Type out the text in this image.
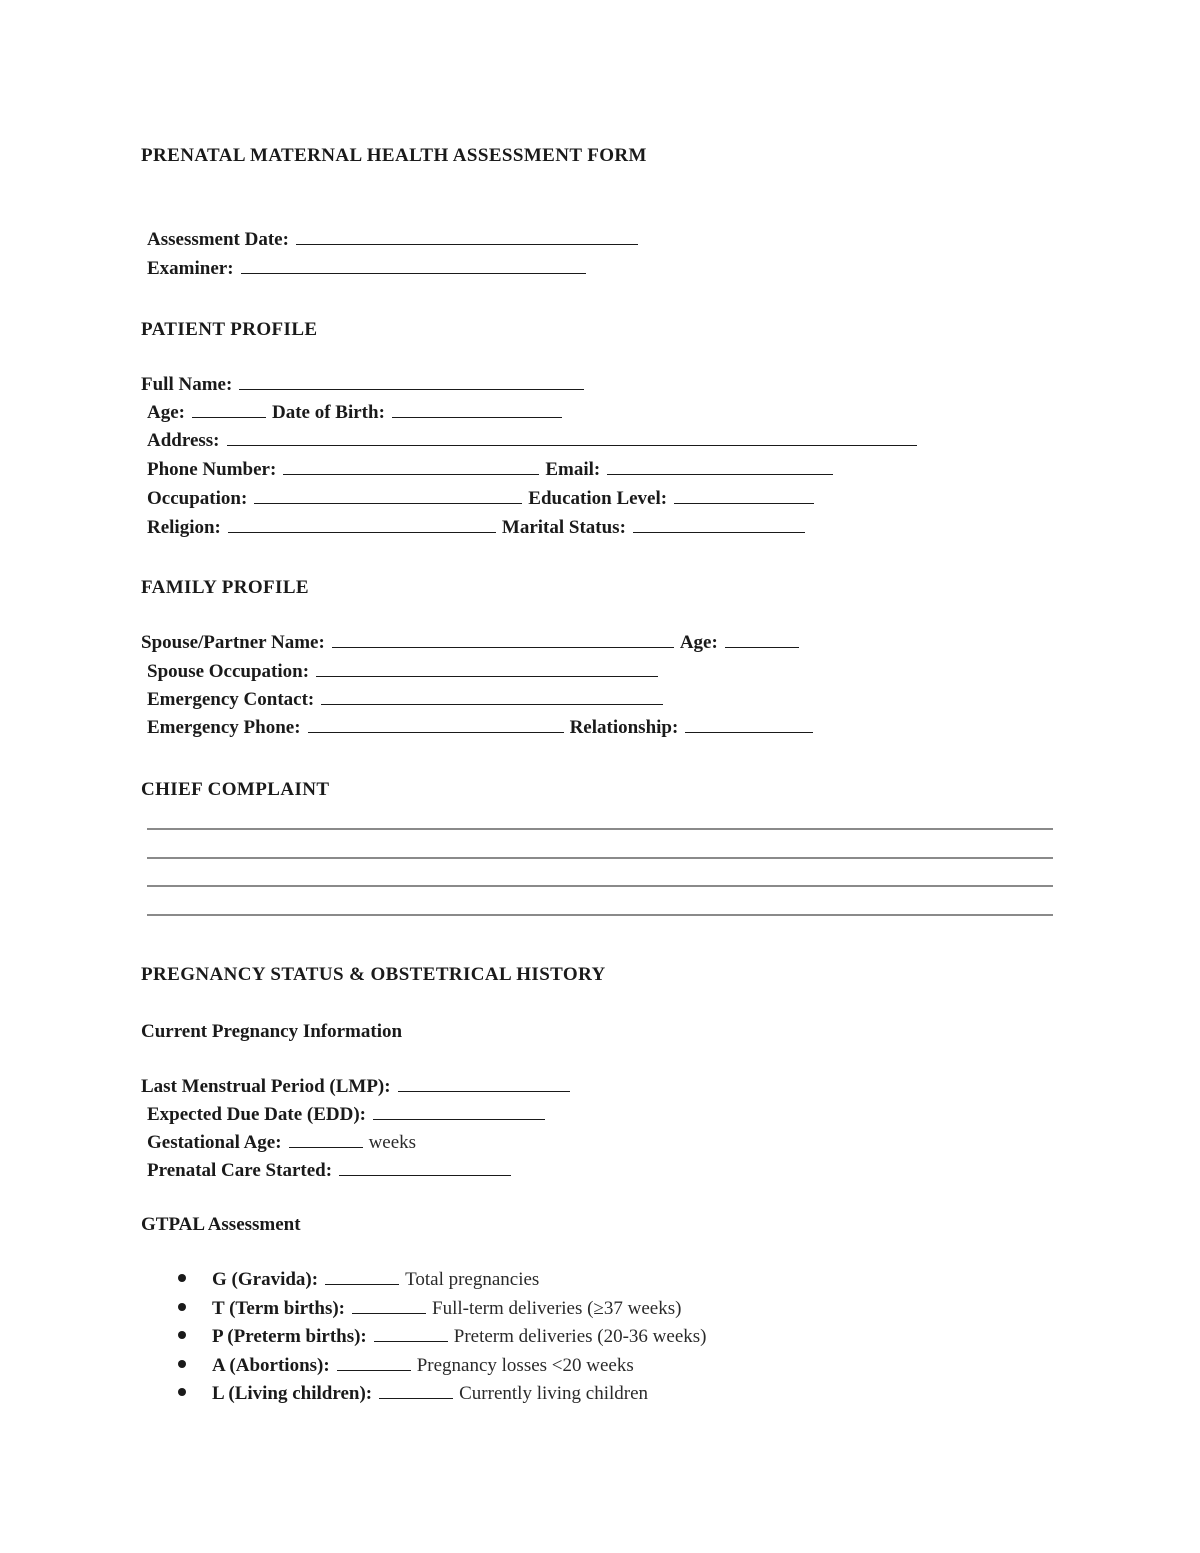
PRENATAL MATERNAL HEALTH ASSESSMENT FORM
Assessment Date:
Examiner:
PATIENT PROFILE
Full Name:
Age:	Date of Birth:
Address:
Phone Number:	Email:
Occupation:	Education Level:
Religion:	Marital Status:
FAMILY PROFILE
Spouse/Partner Name:	Age:
Spouse Occupation:
Emergency Contact:
Emergency Phone:	Relationship:
CHIEF COMPLAINT
PREGNANCY STATUS & OBSTETRICAL HISTORY
Current Pregnancy Information
Last Menstrual Period (LMP):
Expected Due Date (EDD):
Gestational Age:	weeks
Prenatal Care Started:
GTPAL Assessment
G (Gravida):	Total pregnancies
T (Term births):	Full-term deliveries (≥37 weeks)
P (Preterm births):	Preterm deliveries (20-36 weeks)
A (Abortions):	Pregnancy losses <20 weeks
L (Living children):	Currently living children
